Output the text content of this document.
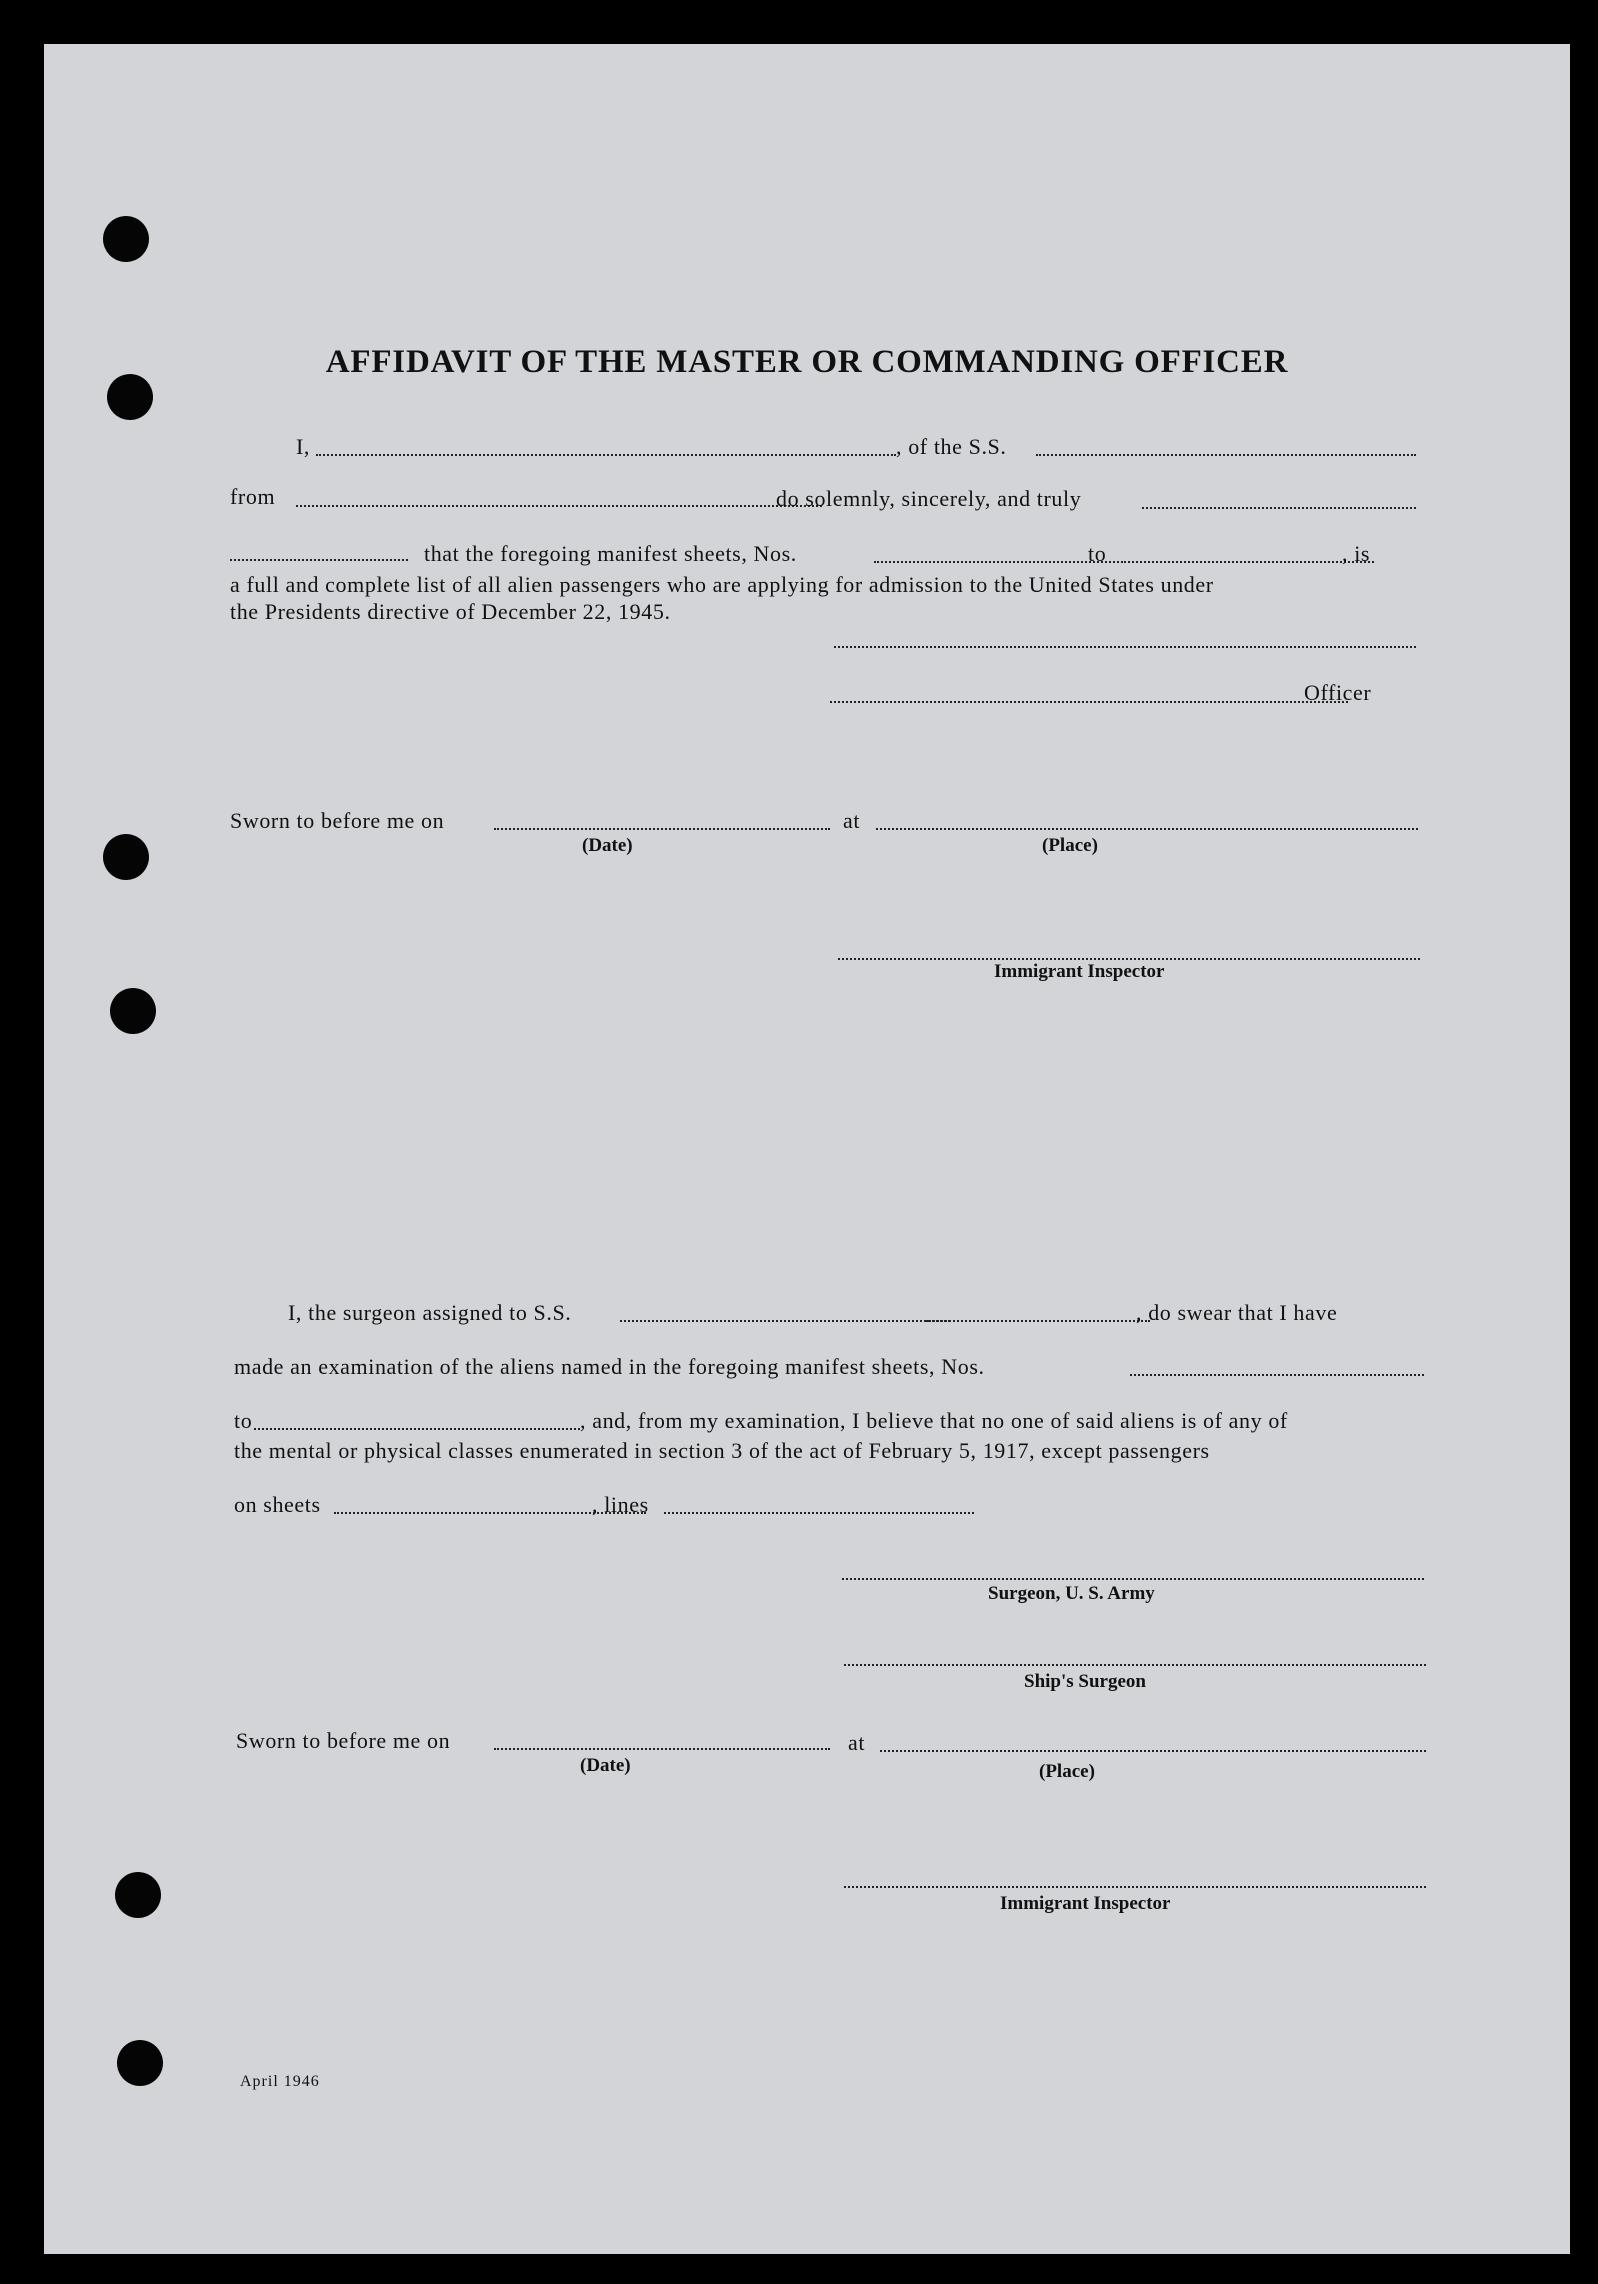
AFFIDAVIT OF THE MASTER OR COMMANDING OFFICER
I,	, of the S.S.
from	do solemnly, sincerely, and truly
that the foregoing manifest sheets, Nos.	to	, is
a full and complete list of all alien passengers who are applying for admission to the United States under
the Presidents directive of December 22, 1945.
Officer
Sworn to before me on	at
(Date)	(Place)
Immigrant Inspector
I, the surgeon assigned to S.S.	, do swear that I have
made an examination of the aliens named in the foregoing manifest sheets, Nos.
to	, and, from my examination, I believe that no one of said aliens is of any of
the mental or physical classes enumerated in section 3 of the act of February 5, 1917, except passengers
on sheets	, lines
Surgeon, U. S. Army
Ship's Surgeon
Sworn to before me on	at
(Date)	(Place)
Immigrant Inspector
April 1946
